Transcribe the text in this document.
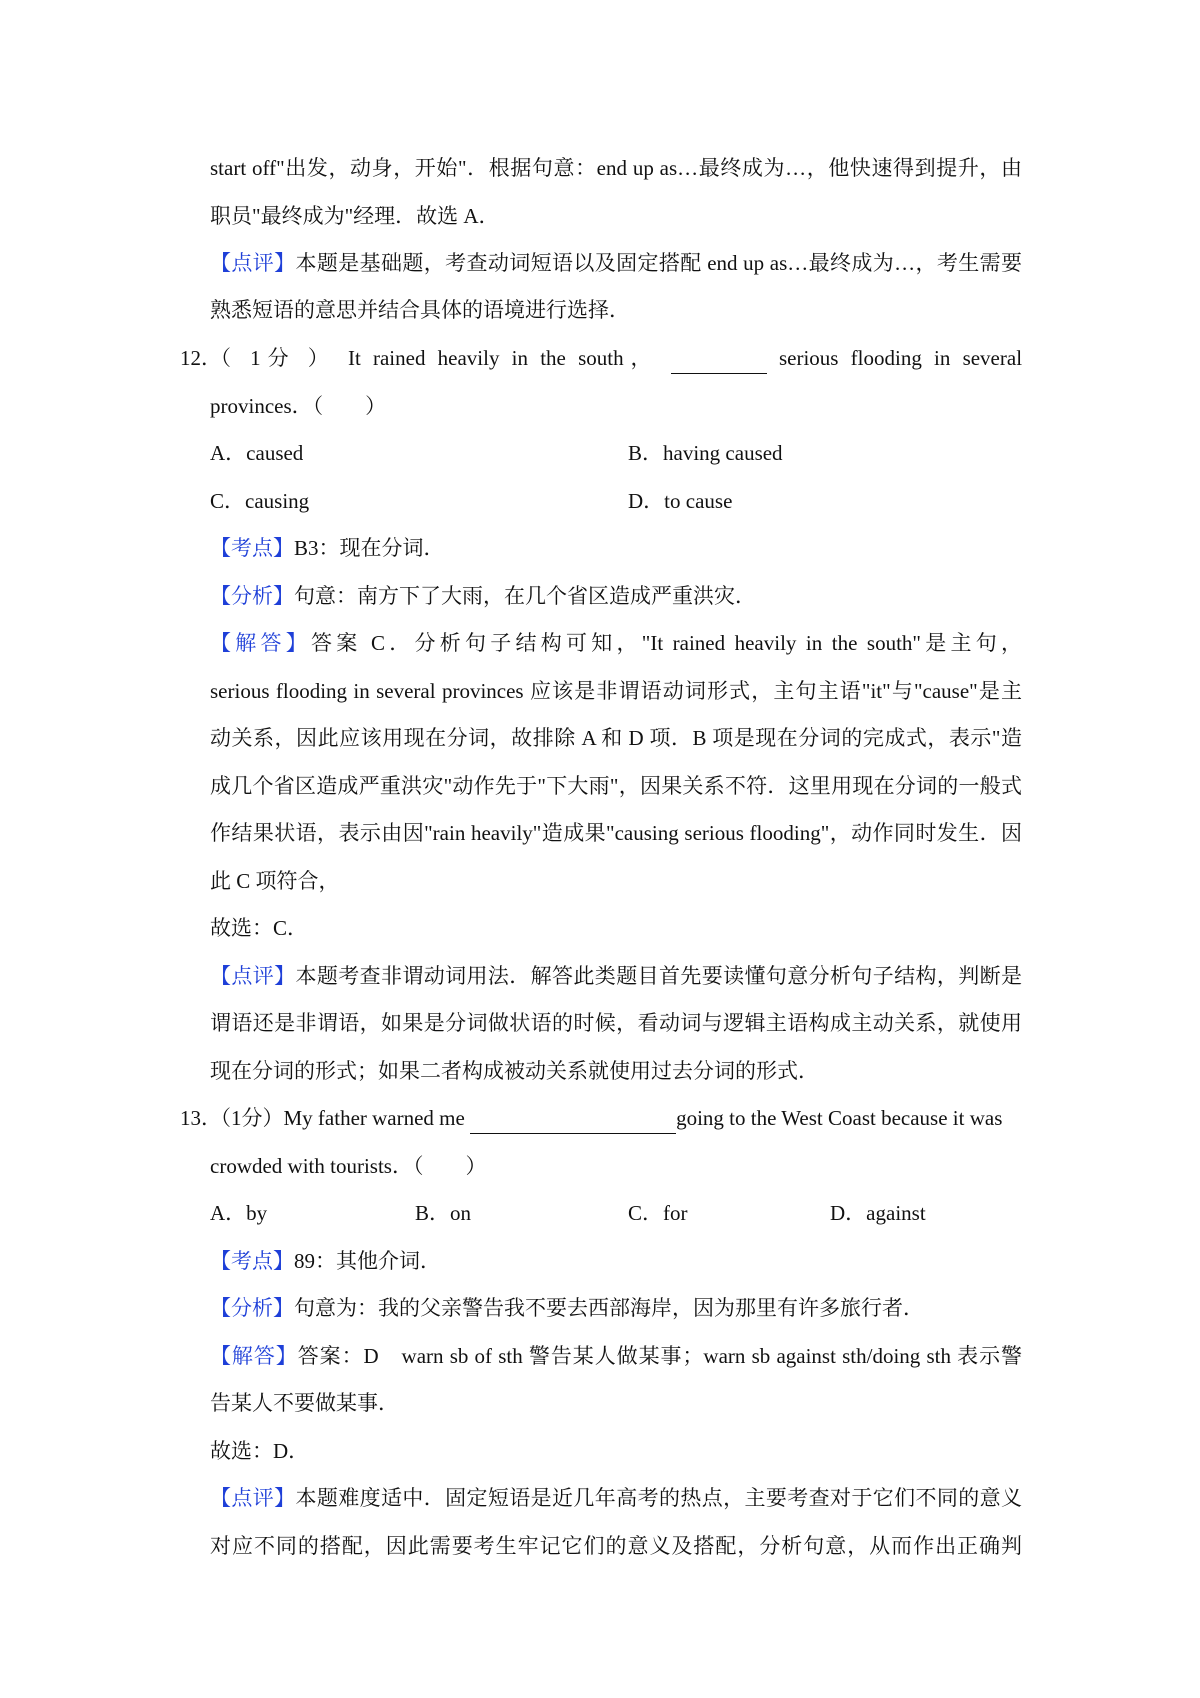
start off"出发，动身，开始"．根据句意：end up as…最终成为…，他快速得到提升，由
职员"最终成为"经理．故选 A．
【点评】本题是基础题，考查动词短语以及固定搭配 end up as…最终成为…，考生需要
熟悉短语的意思并结合具体的语境进行选择．
12．
（ 1分 ） It rained heavily in the south，	serious flooding in several
provinces．（　　）
A．caused	B．having caused
C．causing	D．to cause
【考点】B3：现在分词．
【分析】句意：南方下了大雨，在几个省区造成严重洪灾．
【解答】答案 C．分析句子结构可知，"It rained heavily in the south"是主句，
serious flooding in several provinces 应该是非谓语动词形式，主句主语"it"与"cause"是主
动关系，因此应该用现在分词，故排除 A 和 D 项．B 项是现在分词的完成式，表示"造
成几个省区造成严重洪灾"动作先于"下大雨"，因果关系不符．这里用现在分词的一般式
作结果状语，表示由因"rain heavily"造成果"causing serious flooding"，动作同时发生．因
此 C 项符合，
故选：C．
【点评】本题考查非谓动词用法．解答此类题目首先要读懂句意分析句子结构，判断是
谓语还是非谓语，如果是分词做状语的时候，看动词与逻辑主语构成主动关系，就使用
现在分词的形式；如果二者构成被动关系就使用过去分词的形式．
13．
（1分）My father warned me	going to the West Coast because it was
crowded with tourists．（　　）
A．by	B．on	C．for	D．against
【考点】89：其他介词．
【分析】句意为：我的父亲警告我不要去西部海岸，因为那里有许多旅行者．
【解答】答案：D　warn sb of sth 警告某人做某事；warn sb against sth/doing sth 表示警
告某人不要做某事．
故选：D．
【点评】本题难度适中．固定短语是近几年高考的热点，主要考查对于它们不同的意义
对应不同的搭配，因此需要考生牢记它们的意义及搭配，分析句意，从而作出正确判
